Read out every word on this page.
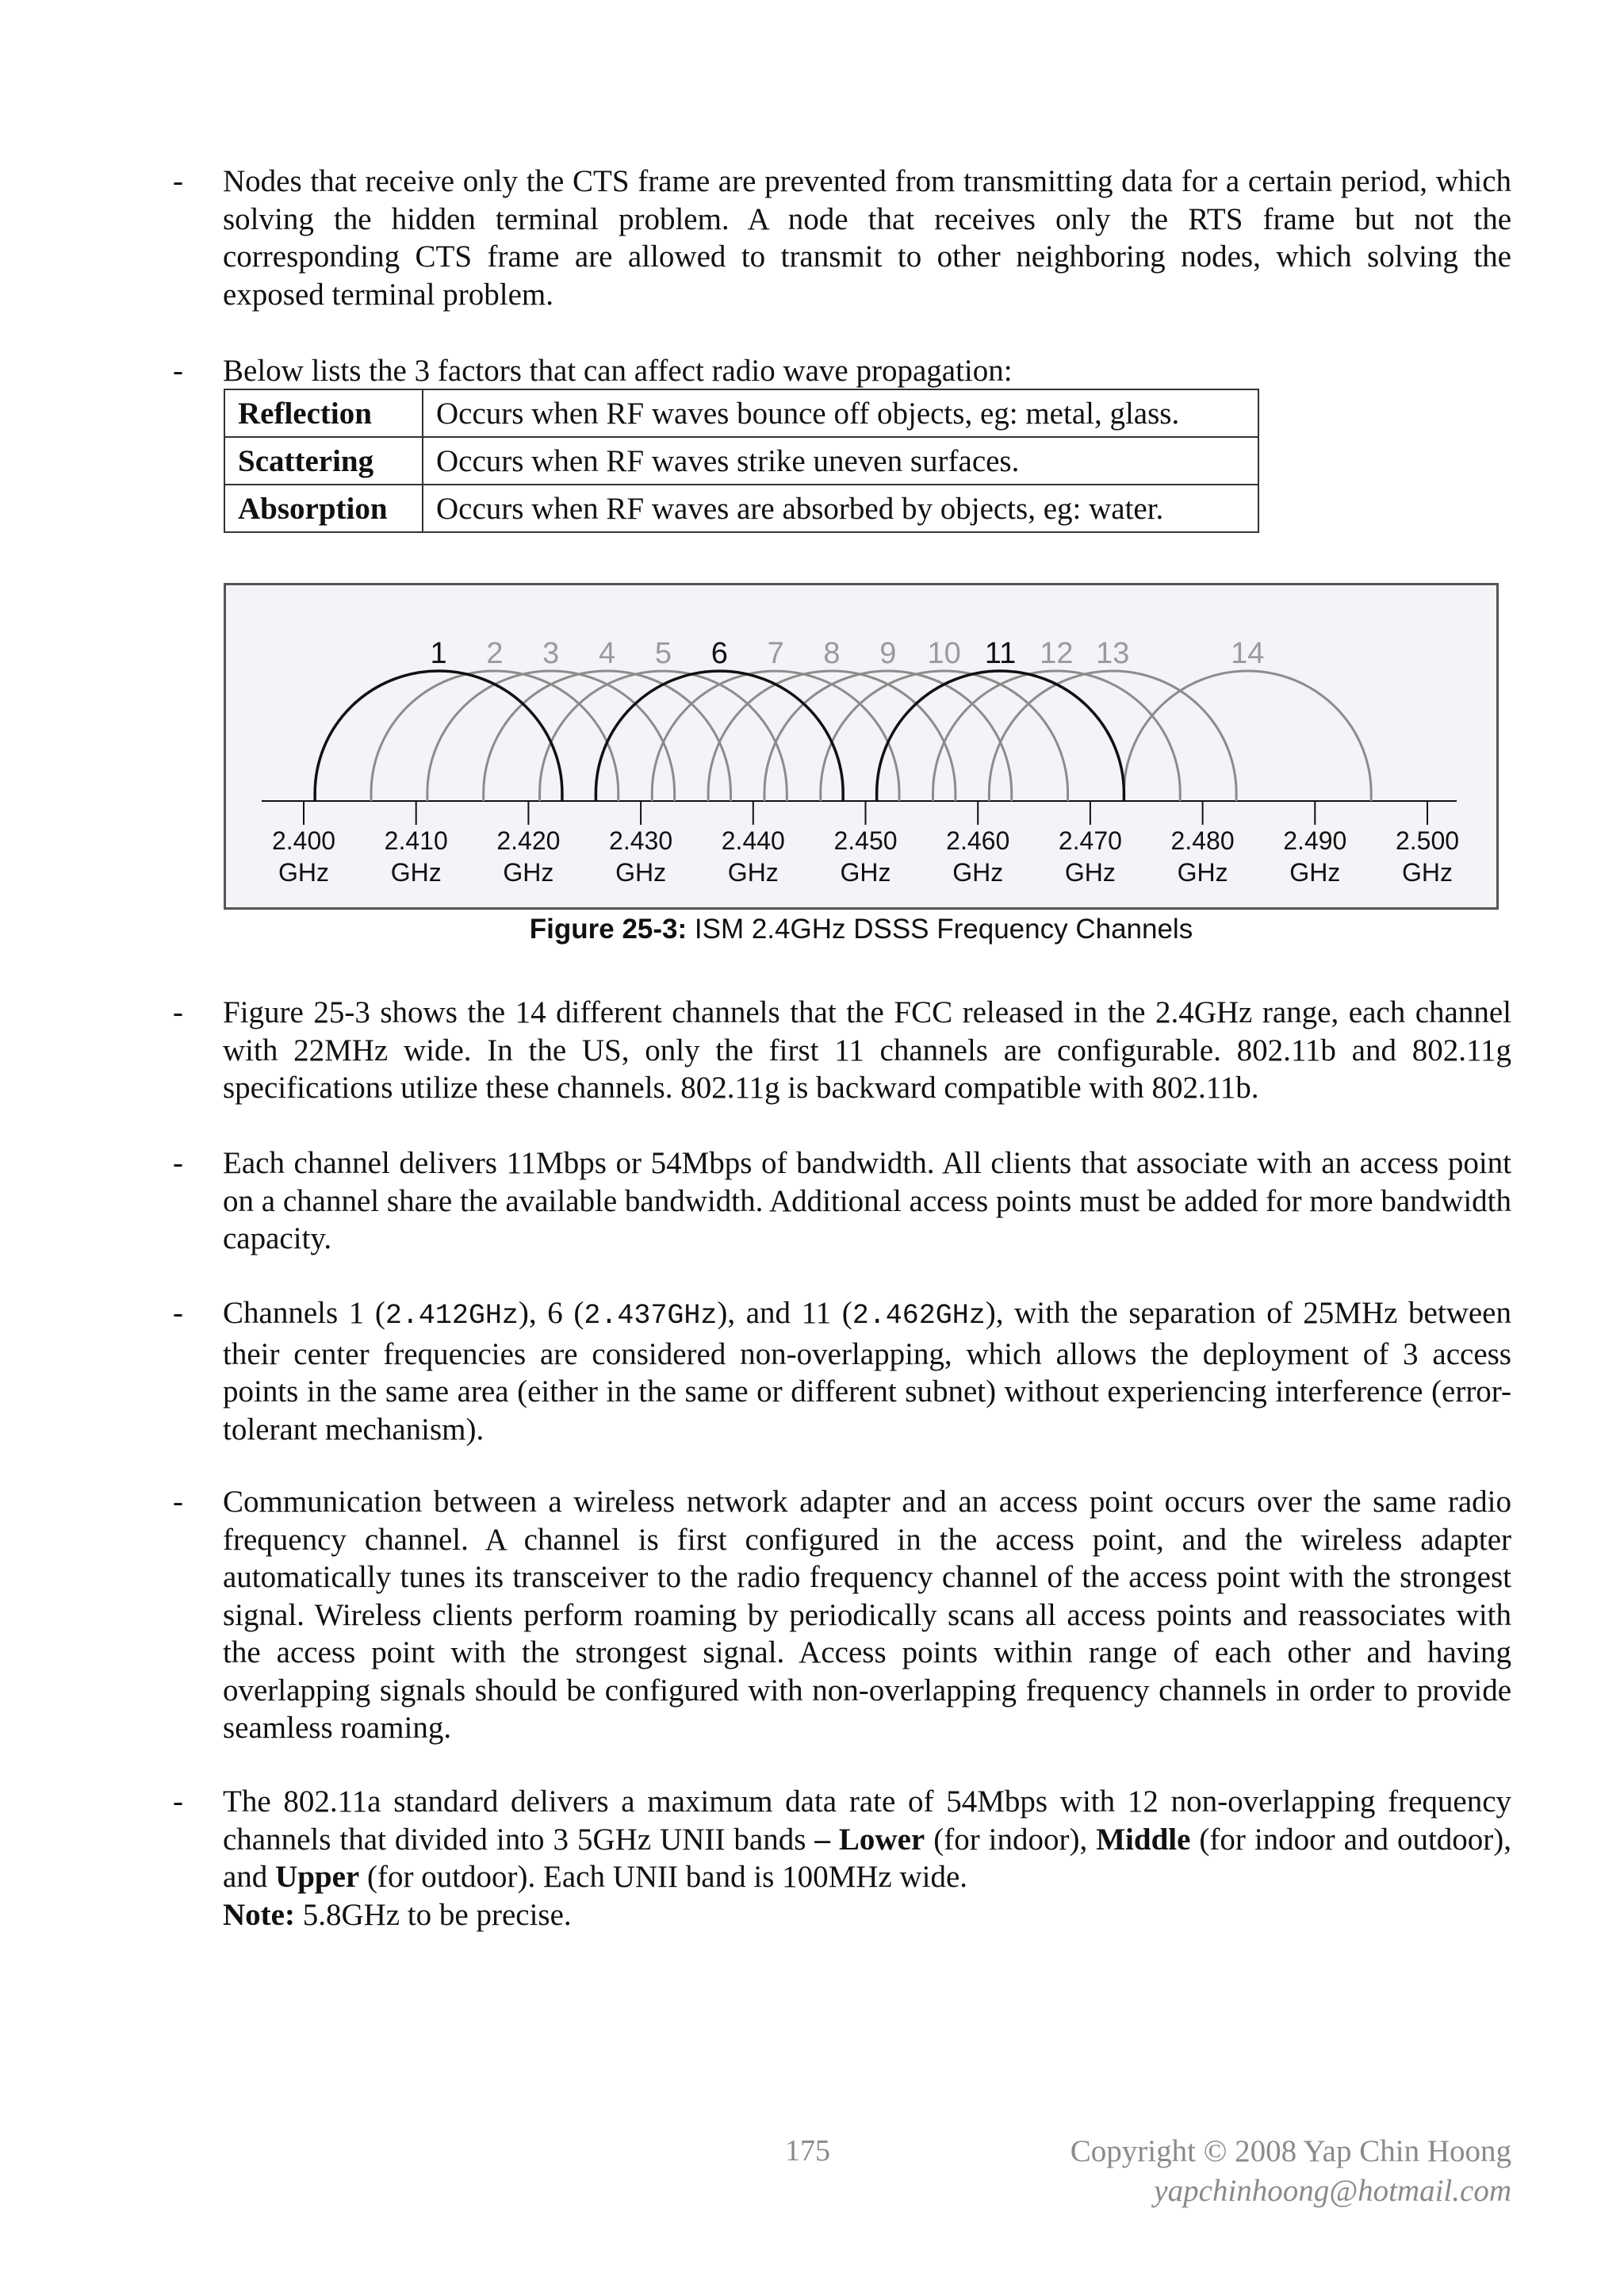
-	Nodes that receive only the CTS frame are prevented from transmitting data for a certain period, which solving the hidden terminal problem. A node that receives only the RTS frame but not the corresponding CTS frame are allowed to transmit to other neighboring nodes, which solving the exposed terminal problem.
-	Below lists the 3 factors that can affect radio wave propagation:
Reflection	Occurs when RF waves bounce off objects, eg: metal, glass.
Scattering	Occurs when RF waves strike uneven surfaces.
Absorption	Occurs when RF waves are absorbed by objects, eg: water.
1 2 3 4 5 6 7 8 9 10 11 12 13	14
2.400
GHz
2.410
GHz
2.420
GHz
2.430
GHz
2.440
GHz
2.450
GHz
2.460
GHz
2.470
GHz
2.480
GHz
2.490
GHz
2.500
GHz
Figure 25-3: ISM 2.4GHz DSSS Frequency Channels
-	Figure 25-3 shows the 14 different channels that the FCC released in the 2.4GHz range, each channel with 22MHz wide. In the US, only the first 11 channels are configurable. 802.11b and 802.11g specifications utilize these channels. 802.11g is backward compatible with 802.11b.
-	Each channel delivers 11Mbps or 54Mbps of bandwidth. All clients that associate with an access point on a channel share the available bandwidth. Additional access points must be added for more bandwidth capacity.
-	Channels 1 (2.412GHz), 6 (2.437GHz), and 11 (2.462GHz), with the separation of 25MHz between their center frequencies are considered non-overlapping, which allows the deployment of 3 access points in the same area (either in the same or different subnet) without experiencing interference (error-tolerant mechanism).
-	Communication between a wireless network adapter and an access point occurs over the same radio frequency channel. A channel is first configured in the access point, and the wireless adapter automatically tunes its transceiver to the radio frequency channel of the access point with the strongest signal. Wireless clients perform roaming by periodically scans all access points and reassociates with the access point with the strongest signal. Access points within range of each other and having overlapping signals should be configured with non-overlapping frequency channels in order to provide seamless roaming.
-	The 802.11a standard delivers a maximum data rate of 54Mbps with 12 non-overlapping frequency channels that divided into 3 5GHz UNII bands – Lower (for indoor), Middle (for indoor and outdoor), and Upper (for outdoor). Each UNII band is 100MHz wide.

Note: 5.8GHz to be precise.

175	Copyright © 2008 Yap Chin Hoong
yapchinhoong@hotmail.com
